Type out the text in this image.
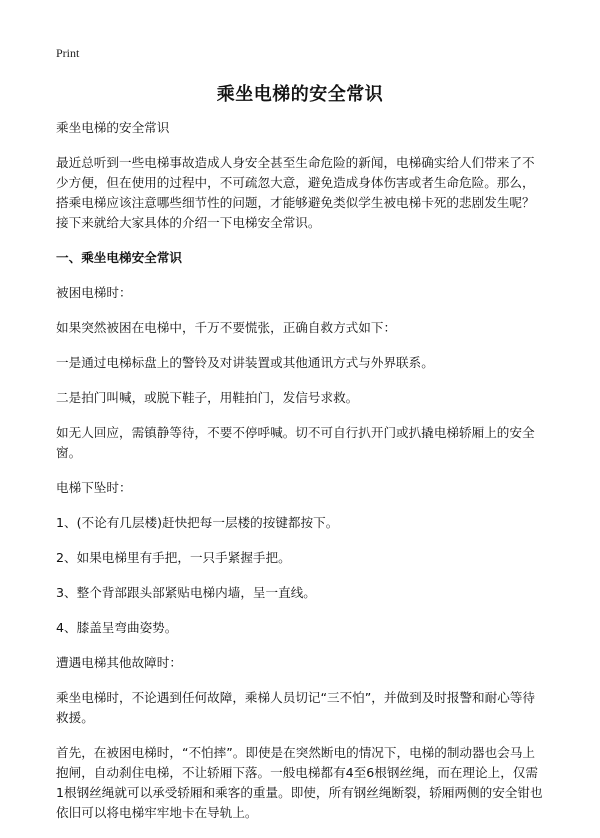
Print
乘坐电梯的安全常识

乘坐电梯的安全常识

最近总听到一些电梯事故造成人身安全甚至生命危险的新闻，电梯确实给人们带来了不少方便，但在使用的过程中，不可疏忽大意，避免造成身体伤害或者生命危险。那么，搭乘电梯应该注意哪些细节性的问题，才能够避免类似学生被电梯卡死的悲剧发生呢？接下来就给大家具体的介绍一下电梯安全常识。

一、乘坐电梯安全常识

被困电梯时：

如果突然被困在电梯中，千万不要慌张，正确自救方式如下：

一是通过电梯标盘上的警铃及对讲装置或其他通讯方式与外界联系。

二是拍门叫喊，或脱下鞋子，用鞋拍门，发信号求救。

如无人回应，需镇静等待，不要不停呼喊。切不可自行扒开门或扒撬电梯轿厢上的安全窗。

电梯下坠时：

1、(不论有几层楼)赶快把每一层楼的按键都按下。

2、如果电梯里有手把，一只手紧握手把。

3、整个背部跟头部紧贴电梯内墙，呈一直线。

4、膝盖呈弯曲姿势。

遭遇电梯其他故障时：

乘坐电梯时，不论遇到任何故障，乘梯人员切记“三不怕”，并做到及时报警和耐心等待救援。

首先，在被困电梯时，“不怕摔”。即使是在突然断电的情况下，电梯的制动器也会马上抱闸，自动刹住电梯，不让轿厢下落。一般电梯都有4至6根钢丝绳，而在理论上，仅需1根钢丝绳就可以承受轿厢和乘客的重量。即使，所有钢丝绳断裂，轿厢两侧的安全钳也依旧可以将电梯牢牢地卡在导轨上。
